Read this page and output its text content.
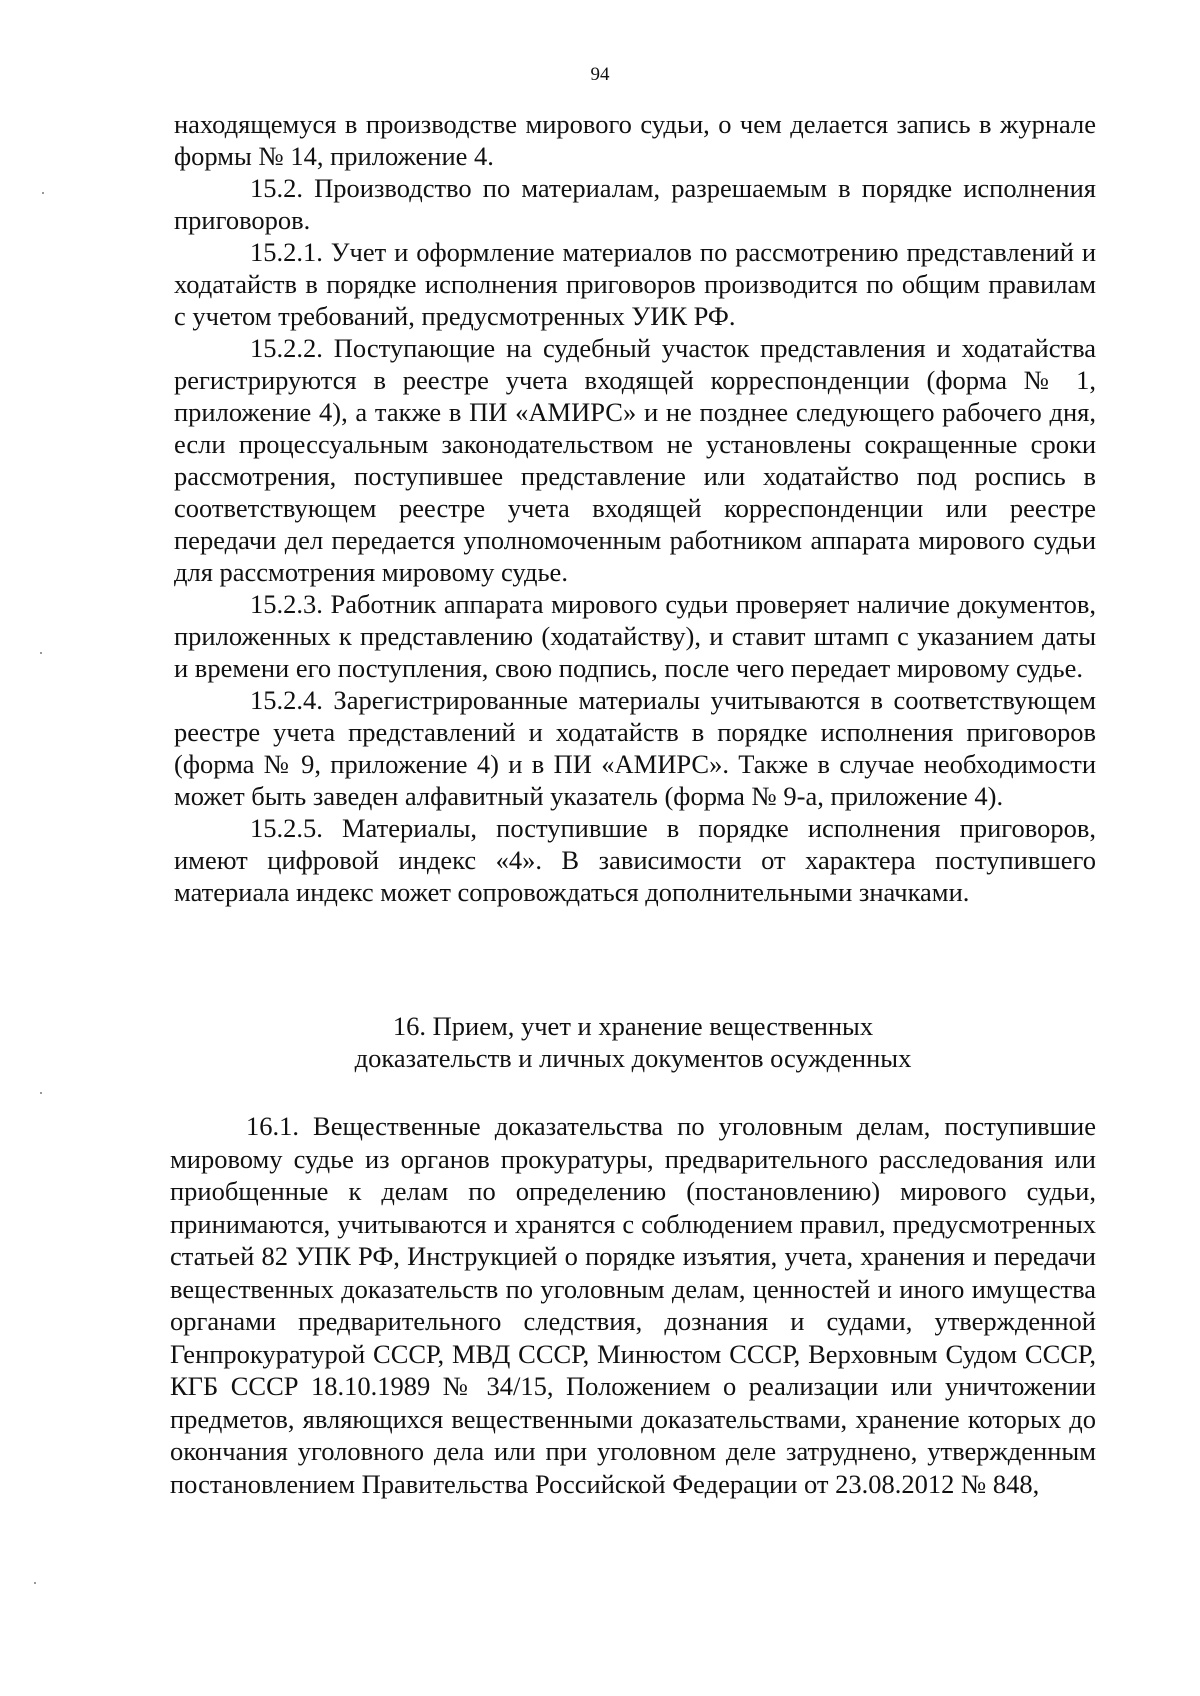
94

находящемуся в производстве мирового судьи, о чем делается запись в журнале формы № 14, приложение 4.

15.2. Производство по материалам, разрешаемым в порядке исполнения приговоров.

15.2.1. Учет и оформление материалов по рассмотрению представлений и ходатайств в порядке исполнения приговоров производится по общим правилам с учетом требований, предусмотренных УИК РФ.

15.2.2. Поступающие на судебный участок представления и ходатайства регистрируются в реестре учета входящей корреспонденции (форма № 1, приложение 4), а также в ПИ «АМИРС» и не позднее следующего рабочего дня, если процессуальным законодательством не установлены сокращенные сроки рассмотрения, поступившее представление или ходатайство под роспись в соответствующем реестре учета входящей корреспонденции или реестре передачи дел передается уполномоченным работником аппарата мирового судьи для рассмотрения мировому судье.

15.2.3. Работник аппарата мирового судьи проверяет наличие документов, приложенных к представлению (ходатайству), и ставит штамп с указанием даты и времени его поступления, свою подпись, после чего передает мировому судье.

15.2.4. Зарегистрированные материалы учитываются в соответствующем реестре учета представлений и ходатайств в порядке исполнения приговоров (форма № 9, приложение 4) и в ПИ «АМИРС». Также в случае необходимости может быть заведен алфавитный указатель (форма № 9-а, приложение 4).

15.2.5. Материалы, поступившие в порядке исполнения приговоров, имеют цифровой индекс «4». В зависимости от характера поступившего материала индекс может сопровождаться дополнительными значками.

16. Прием, учет и хранение вещественных
доказательств и личных документов осужденных

16.1. Вещественные доказательства по уголовным делам, поступившие мировому судье из органов прокуратуры, предварительного расследования или приобщенные к делам по определению (постановлению) мирового судьи, принимаются, учитываются и хранятся с соблюдением правил, предусмотренных статьей 82 УПК РФ, Инструкцией о порядке изъятия, учета, хранения и передачи вещественных доказательств по уголовным делам, ценностей и иного имущества органами предварительного следствия, дознания и судами, утвержденной Генпрокуратурой СССР, МВД СССР, Минюстом СССР, Верховным Судом СССР, КГБ СССР 18.10.1989 № 34/15, Положением о реализации или уничтожении предметов, являющихся вещественными доказательствами, хранение которых до окончания уголовного дела или при уголовном деле затруднено, утвержденным постановлением Правительства Российской Федерации от 23.08.2012 № 848,
